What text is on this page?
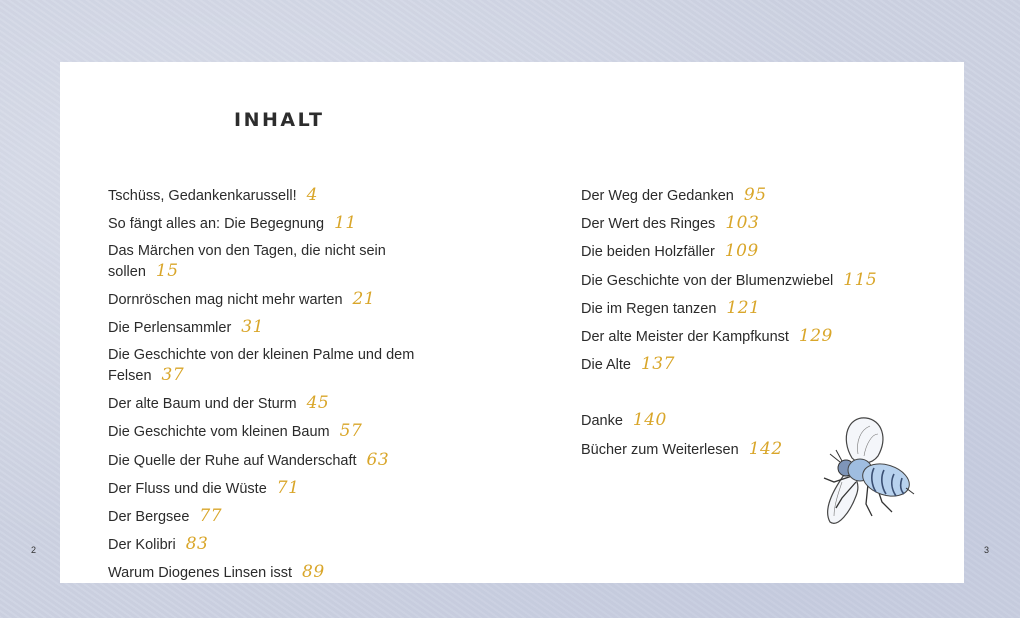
INHALT
Tschüss, Gedankenkarussell! 4
So fängt alles an: Die Begegnung 11
Das Märchen von den Tagen, die nicht sein sollen 15
Dornröschen mag nicht mehr warten 21
Die Perlensammler 31
Die Geschichte von der kleinen Palme und dem Felsen 37
Der alte Baum und der Sturm 45
Die Geschichte vom kleinen Baum 57
Die Quelle der Ruhe auf Wanderschaft 63
Der Fluss und die Wüste 71
Der Bergsee 77
Der Kolibri 83
Warum Diogenes Linsen isst 89
Der Weg der Gedanken 95
Der Wert des Ringes 103
Die beiden Holzfäller 109
Die Geschichte von der Blumenzwiebel 115
Die im Regen tanzen 121
Der alte Meister der Kampfkunst 129
Die Alte 137
Danke 140
Bücher zum Weiterlesen 142
2	3
